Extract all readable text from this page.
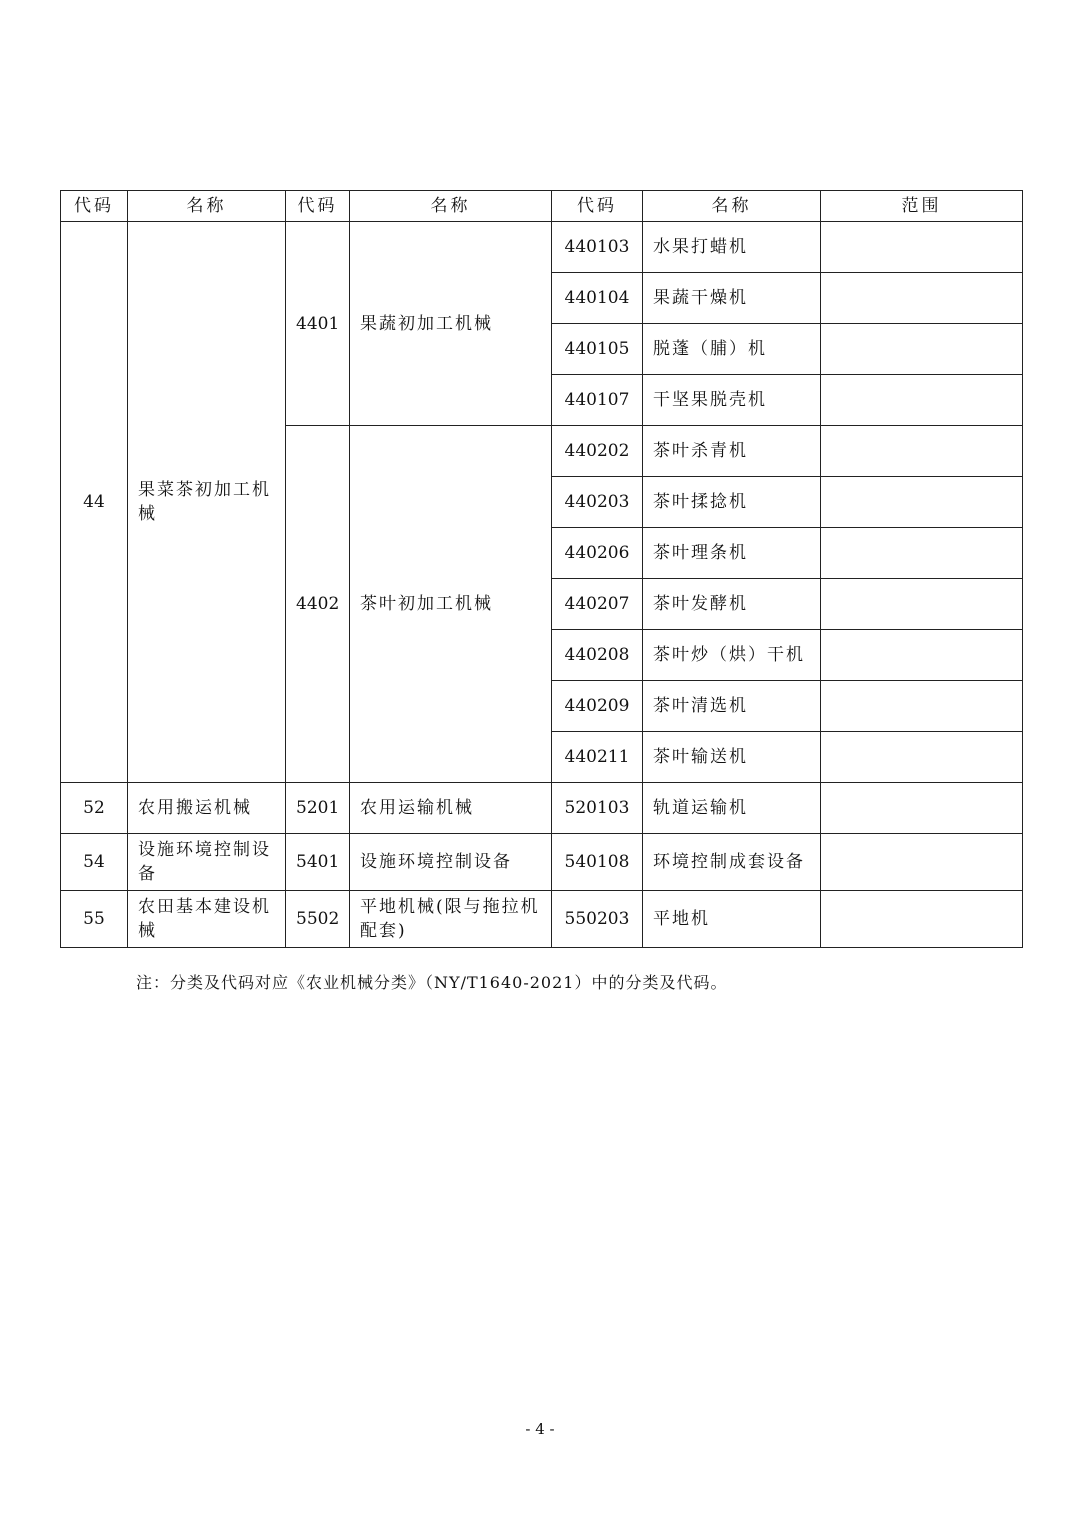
代码	名称	代码	名称	代码	名称	范围
44	果菜茶初加工机械	4401	果蔬初加工机械	440103	水果打蜡机	
				440104	果蔬干燥机	
				440105	脱蓬（脯）机	
				440107	干坚果脱壳机	
		4402	茶叶初加工机械	440202	茶叶杀青机	
				440203	茶叶揉捻机	
				440206	茶叶理条机	
				440207	茶叶发酵机	
				440208	茶叶炒（烘）干机	
				440209	茶叶清选机	
				440211	茶叶输送机	
52	农用搬运机械	5201	农用运输机械	520103	轨道运输机	
54	设施环境控制设备	5401	设施环境控制设备	540108	环境控制成套设备	
55	农田基本建设机械	5502	平地机械(限与拖拉机配套)	550203	平地机	
注：分类及代码对应《农业机械分类》（NY/T1640-2021）中的分类及代码。
- 4 -
